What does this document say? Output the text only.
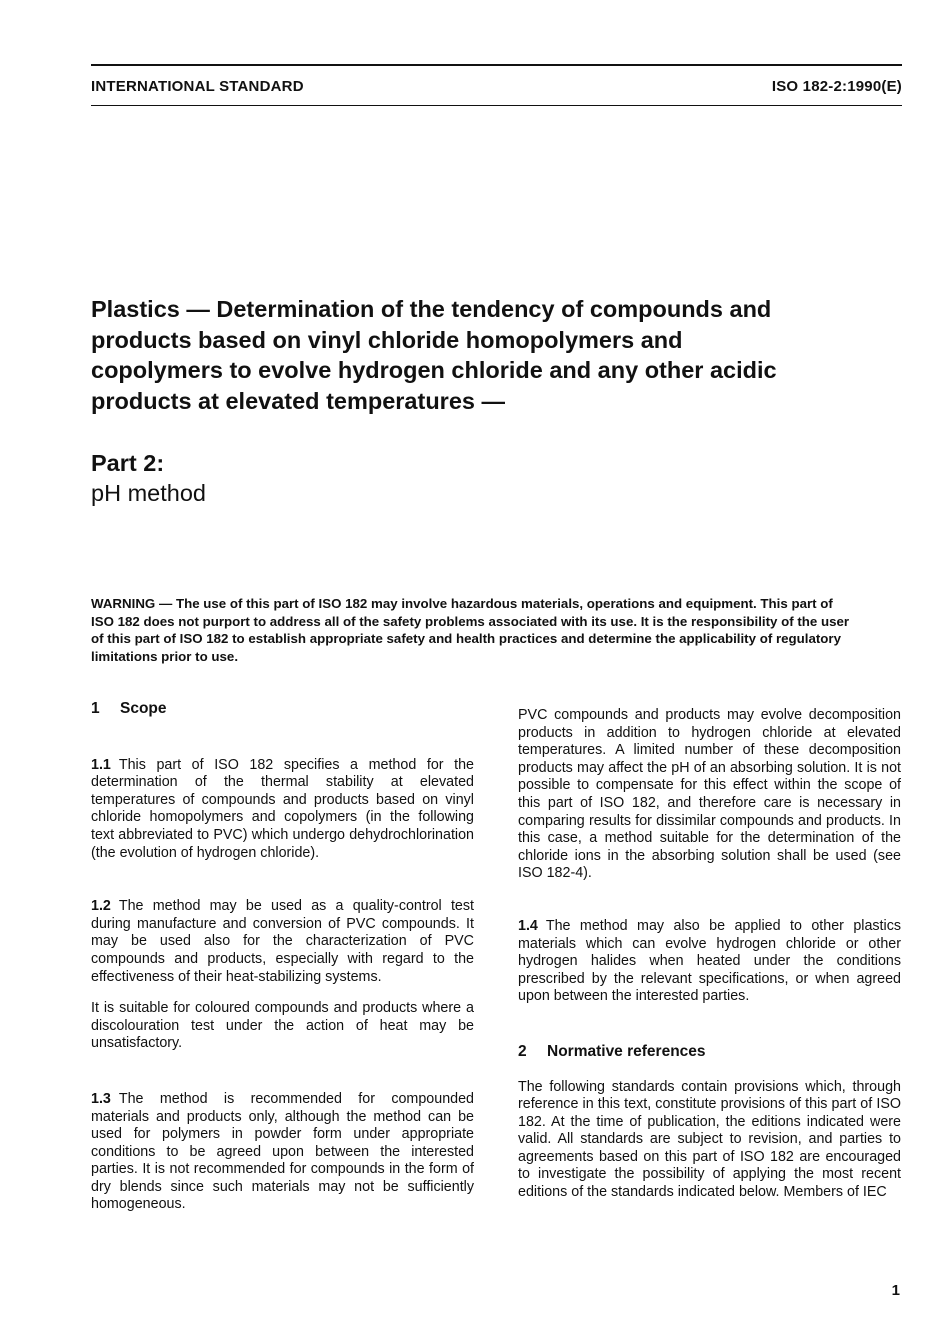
INTERNATIONAL STANDARD	ISO 182-2:1990(E)
Plastics — Determination of the tendency of compounds and
products based on vinyl chloride homopolymers and
copolymers to evolve hydrogen chloride and any other acidic
products at elevated temperatures —
Part 2:
pH method

WARNING — The use of this part of ISO 182 may involve hazardous materials, operations and equipment. This part of ISO 182 does not purport to address all of the safety problems associated with its use. It is the responsibility of the user of this part of ISO 182 to establish appropriate safety and health practices and determine the applicability of regulatory limitations prior to use.

1 Scope

1.1 This part of ISO 182 specifies a method for the determination of the thermal stability at elevated temperatures of compounds and products based on vinyl chloride homopolymers and copolymers (in the following text abbreviated to PVC) which undergo dehydrochlorination (the evolution of hydrogen chloride).

1.2 The method may be used as a quality-control test during manufacture and conversion of PVC compounds. It may be used also for the characterization of PVC compounds and products, especially with regard to the effectiveness of their heat-stabilizing systems.

It is suitable for coloured compounds and products where a discolouration test under the action of heat may be unsatisfactory.

1.3 The method is recommended for compounded materials and products only, although the method can be used for polymers in powder form under appropriate conditions to be agreed upon between the interested parties. It is not recommended for compounds in the form of dry blends since such materials may not be sufficiently homogeneous.

PVC compounds and products may evolve decomposition products in addition to hydrogen chloride at elevated temperatures. A limited number of these decomposition products may affect the pH of an absorbing solution. It is not possible to compensate for this effect within the scope of this part of ISO 182, and therefore care is necessary in comparing results for dissimilar compounds and products. In this case, a method suitable for the determination of the chloride ions in the absorbing solution shall be used (see ISO 182-4).

1.4 The method may also be applied to other plastics materials which can evolve hydrogen chloride or other hydrogen halides when heated under the conditions prescribed by the relevant specifications, or when agreed upon between the interested parties.

2 Normative references

The following standards contain provisions which, through reference in this text, constitute provisions of this part of ISO 182. At the time of publication, the editions indicated were valid. All standards are subject to revision, and parties to agreements based on this part of ISO 182 are encouraged to investigate the possibility of applying the most recent editions of the standards indicated below. Members of IEC

1
